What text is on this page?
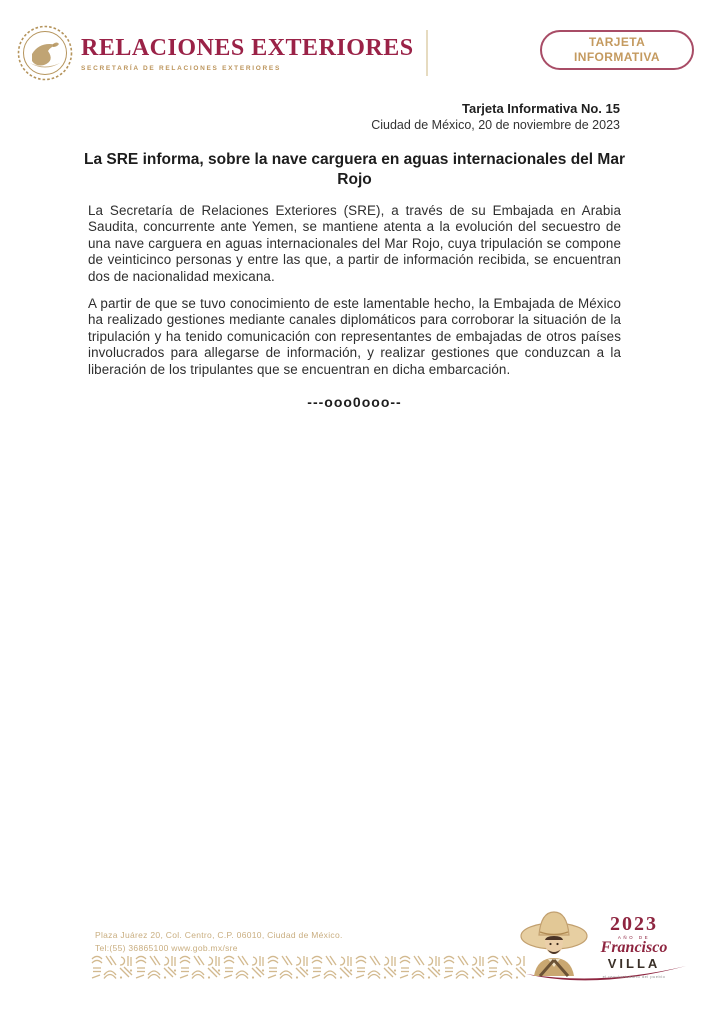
RELACIONES EXTERIORES
SECRETARÍA DE RELACIONES EXTERIORES
TARJETA
INFORMATIVA
Tarjeta Informativa No. 15
Ciudad de México, 20 de noviembre de 2023
La SRE informa, sobre la nave carguera en aguas internacionales del Mar Rojo

La Secretaría de Relaciones Exteriores (SRE), a través de su Embajada en Arabia Saudita, concurrente ante Yemen, se mantiene atenta a la evolución del secuestro de una nave carguera en aguas internacionales del Mar Rojo, cuya tripulación se compone de veinticinco personas y entre las que, a partir de información recibida, se encuentran dos de nacionalidad mexicana.

A partir de que se tuvo conocimiento de este lamentable hecho, la Embajada de México ha realizado gestiones mediante canales diplomáticos para corroborar la situación de la tripulación y ha tenido comunicación con representantes de embajadas de otros países involucrados para allegarse de información, y realizar gestiones que conduzcan a la liberación de los tripulantes que se encuentran en dicha embarcación.

---ooo0ooo--
Plaza Juárez 20, Col. Centro, C.P. 06010, Ciudad de México.
Tel:(55) 36865100 www.gob.mx/sre
2023
AÑO DE
Francisco
VILLA
el revolucionario del pueblo
